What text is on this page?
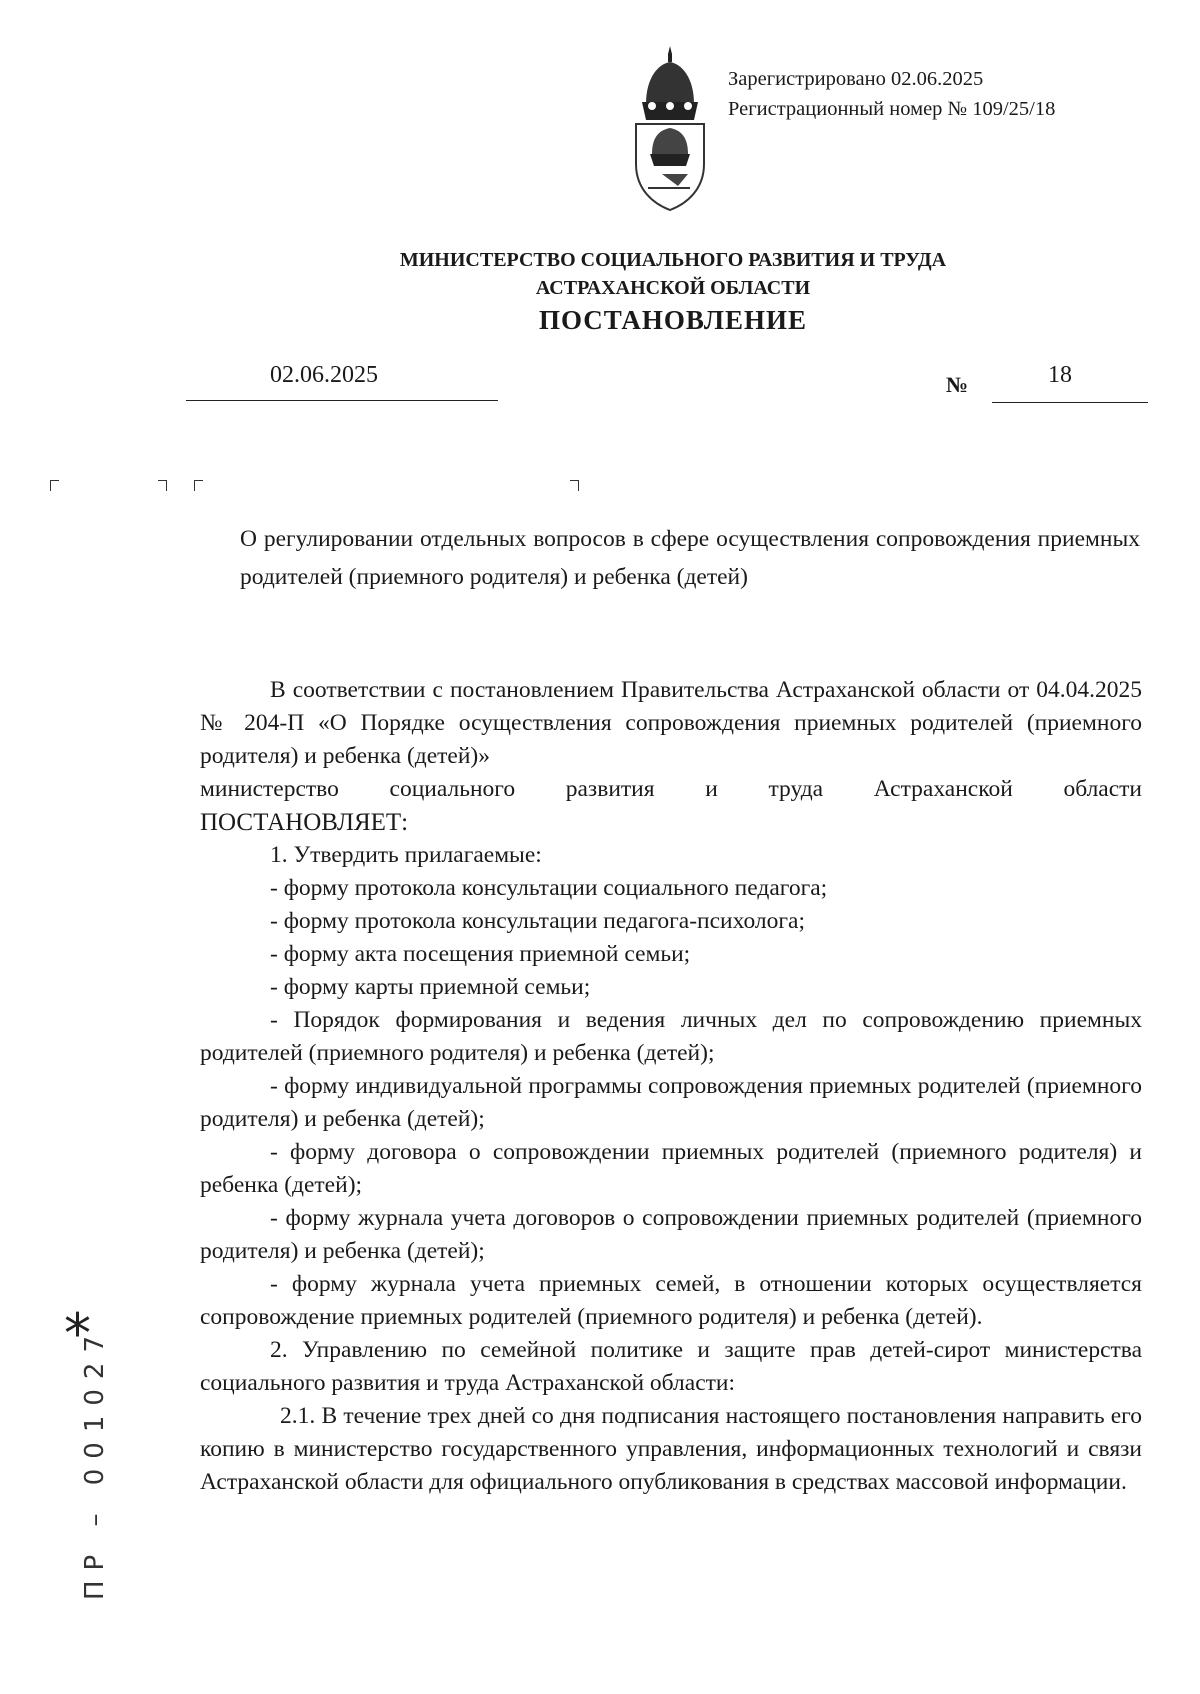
Зарегистрировано 02.06.2025
Регистрационный номер № 109/25/18
МИНИСТЕРСТВО СОЦИАЛЬНОГО РАЗВИТИЯ И ТРУДА
АСТРАХАНСКОЙ ОБЛАСТИ
ПОСТАНОВЛЕНИЕ
02.06.2025	№	18
О регулировании отдельных вопросов в сфере осуществления сопровождения приемных родителей (приемного родителя) и ребенка (детей)

В соответствии с постановлением Правительства Астраханской области от 04.04.2025 № 204-П «О Порядке осуществления сопровождения приемных родителей (приемного родителя) и ребенка (детей)»

министерство социального развития и труда Астраханской области

ПОСТАНОВЛЯЕТ:

1. Утвердить прилагаемые:

- форму протокола консультации социального педагога;

- форму протокола консультации педагога-психолога;

- форму акта посещения приемной семьи;

- форму карты приемной семьи;

- Порядок формирования и ведения личных дел по сопровождению приемных родителей (приемного родителя) и ребенка (детей);

- форму индивидуальной программы сопровождения приемных родителей (приемного родителя) и ребенка (детей);

- форму договора о сопровождении приемных родителей (приемного родителя) и ребенка (детей);

- форму журнала учета договоров о сопровождении приемных родителей (приемного родителя) и ребенка (детей);

- форму журнала учета приемных семей, в отношении которых осуществляется сопровождение приемных родителей (приемного родителя) и ребенка (детей).

2. Управлению по семейной политике и защите прав детей-сирот министерства социального развития и труда Астраханской области:

2.1. В течение трех дней со дня подписания настоящего постановления направить его копию в министерство государственного управления, информационных технологий и связи Астраханской области для официального опубликования в средствах массовой информации.

*
ПР – 001027
